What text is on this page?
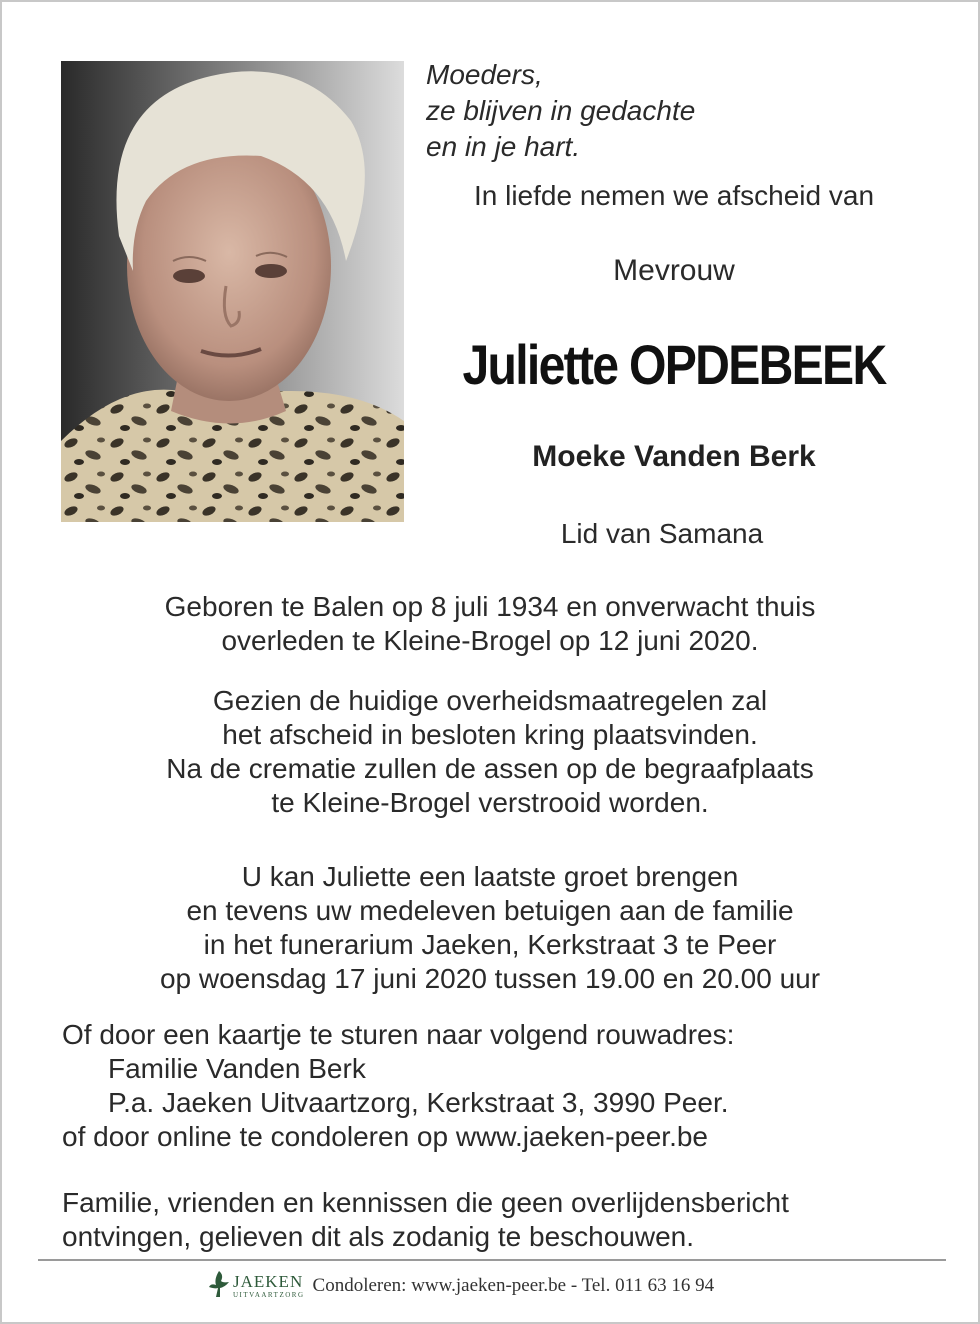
Moeders,
ze blijven in gedachte
en in je hart.
In liefde nemen we afscheid van
Mevrouw
Juliette OPDEBEEK
Moeke Vanden Berk
Lid van Samana
Geboren te Balen op 8 juli 1934 en onverwacht thuis
overleden te Kleine-Brogel op 12 juni 2020.
Gezien de huidige overheidsmaatregelen zal
het afscheid in besloten kring plaatsvinden.
Na de crematie zullen de assen op de begraafplaats
te Kleine-Brogel verstrooid worden.
U kan Juliette een laatste groet brengen
en tevens uw medeleven betuigen aan de familie
in het funerarium Jaeken, Kerkstraat 3 te Peer
op woensdag 17 juni 2020 tussen 19.00 en 20.00 uur
Of door een kaartje te sturen naar volgend rouwadres:
Familie Vanden Berk
P.a. Jaeken Uitvaartzorg, Kerkstraat 3, 3990 Peer.
of door online te condoleren op www.jaeken-peer.be
Familie, vrienden en kennissen die geen overlijdensbericht
ontvingen, gelieven dit als zodanig te beschouwen.
JAEKEN
UITVAARTZORG Condoleren: www.jaeken-peer.be - Tel. 011 63 16 94
